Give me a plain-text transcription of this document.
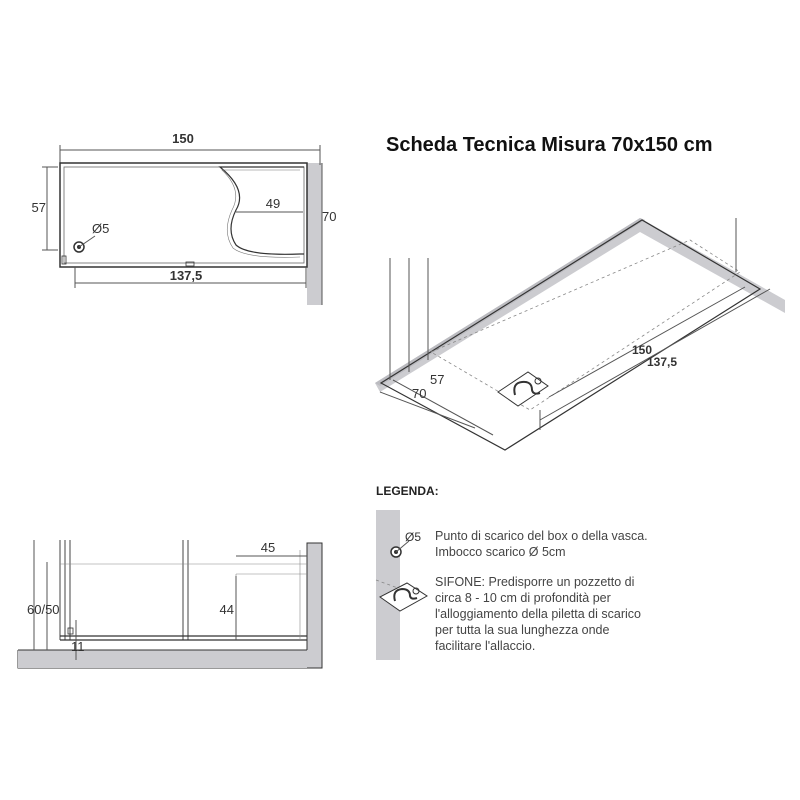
Scheda Tecnica Misura 70x150 cm
150
57
70
49
Ø5
137,5
57
70
150
137,5
45
60/50	44
11
LEGENDA:
Ø5 Punto di scarico del box o della vasca. Imbocco scarico Ø 5cm
SIFONE: Predisporre un pozzetto di circa 8 - 10 cm di profondità per l'alloggiamento della piletta di scarico per tutta la sua lunghezza onde facilitare l'allaccio.
